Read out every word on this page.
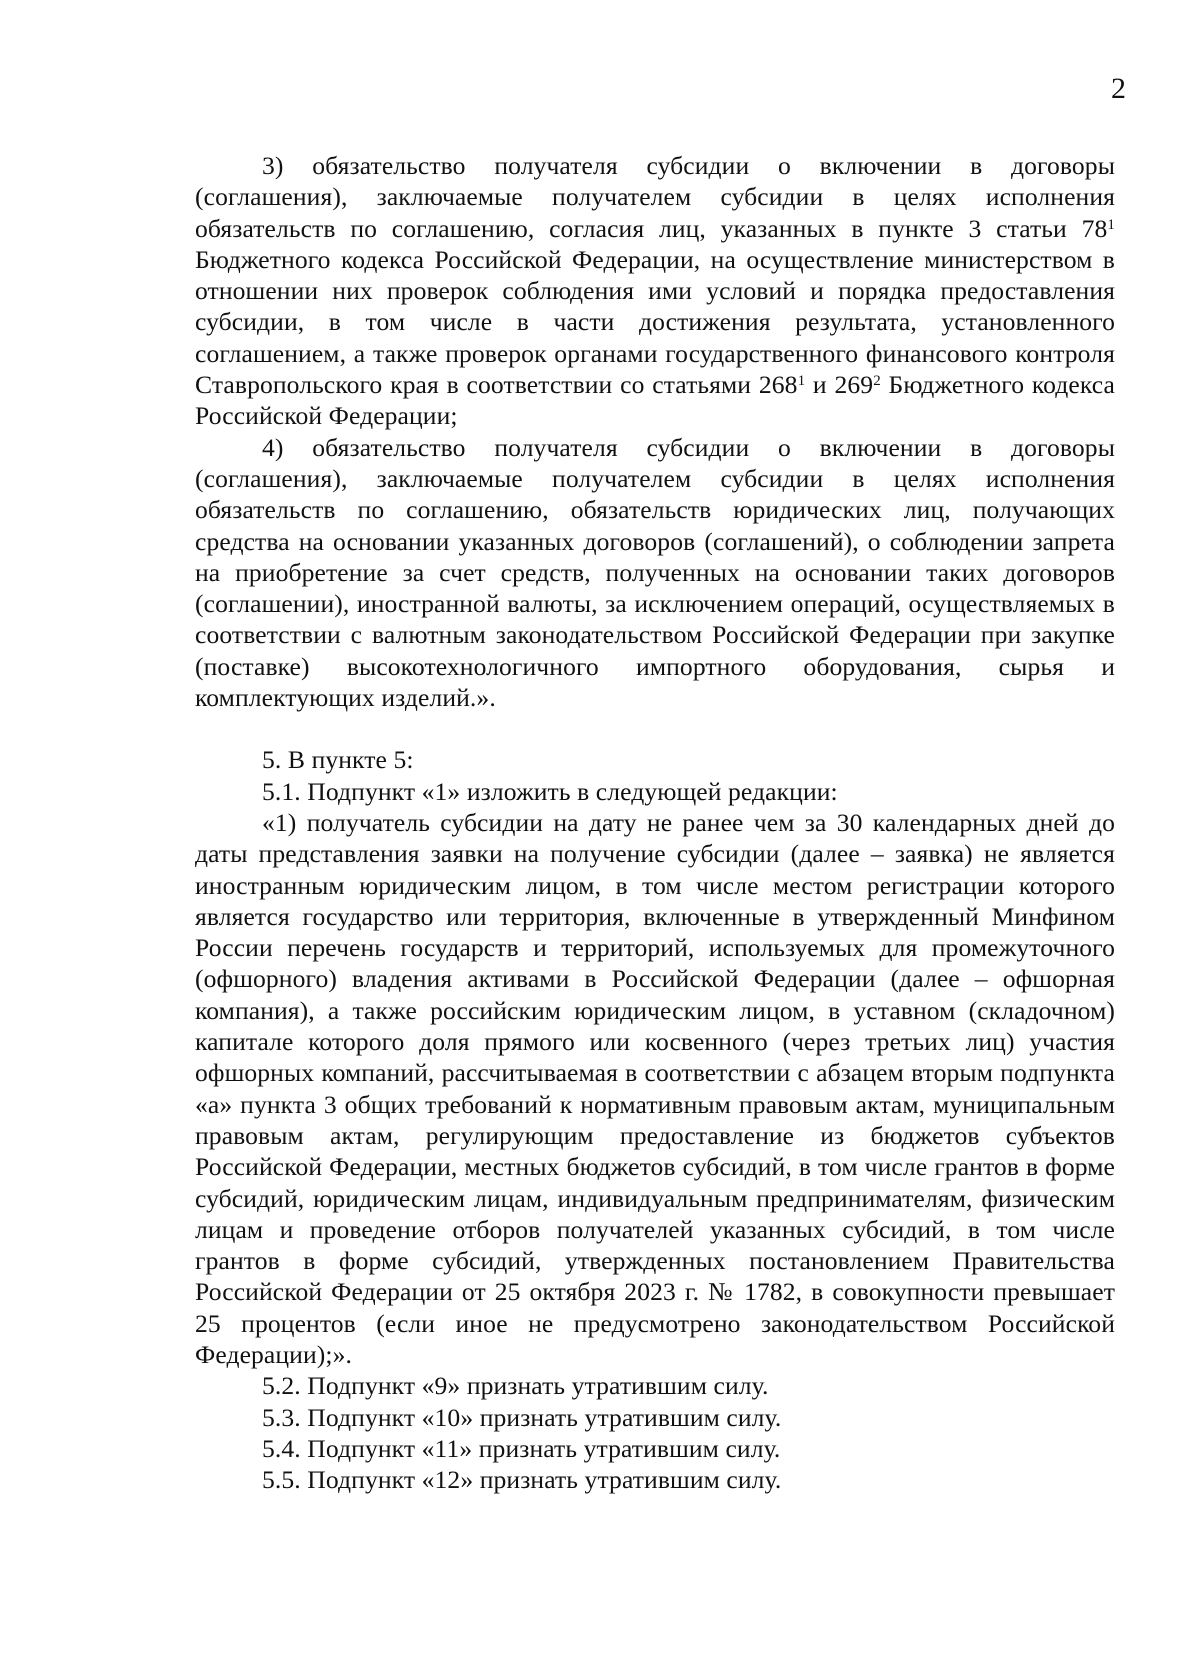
2

3) обязательство получателя субсидии о включении в договоры (соглашения), заключаемые получателем субсидии в целях исполнения обязательств по соглашению, согласия лиц, указанных в пункте 3 статьи $78^1$ Бюджетного кодекса Российской Федерации, на осуществление министерством в отношении них проверок соблюдения ими условий и порядка предоставления субсидии, в том числе в части достижения результата, установленного соглашением, а также проверок органами государственного финансового контроля Ставропольского края в соответствии со статьями $268^1$ и $269^2$ Бюджетного кодекса Российской Федерации;

4) обязательство получателя субсидии о включении в договоры (соглашения), заключаемые получателем субсидии в целях исполнения обязательств по соглашению, обязательств юридических лиц, получающих средства на основании указанных договоров (соглашений), о соблюдении запрета на приобретение за счет средств, полученных на основании таких договоров (соглашении), иностранной валюты, за исключением операций, осуществляемых в соответствии с валютным законодательством Российской Федерации при закупке (поставке) высокотехнологичного импортного оборудования, сырья и комплектующих изделий.».

5. В пункте 5:

5.1. Подпункт «1» изложить в следующей редакции:

«1) получатель субсидии на дату не ранее чем за 30 календарных дней до даты представления заявки на получение субсидии (далее – заявка) не является иностранным юридическим лицом, в том числе местом регистрации которого является государство или территория, включенные в утвержденный Минфином России перечень государств и территорий, используемых для промежуточного (офшорного) владения активами в Российской Федерации (далее – офшорная компания), а также российским юридическим лицом, в уставном (складочном) капитале которого доля прямого или косвенного (через третьих лиц) участия офшорных компаний, рассчитываемая в соответствии с абзацем вторым подпункта «а» пункта 3 общих требований к нормативным правовым актам, муниципальным правовым актам, регулирующим предоставление из бюджетов субъектов Российской Федерации, местных бюджетов субсидий, в том числе грантов в форме субсидий, юридическим лицам, индивидуальным предпринимателям, физическим лицам и проведение отборов получателей указанных субсидий, в том числе грантов в форме субсидий, утвержденных постановлением Правительства Российской Федерации от 25 октября 2023 г. № 1782, в совокупности превышает 25 процентов (если иное не предусмотрено законодательством Российской Федерации);».

5.2. Подпункт «9» признать утратившим силу.

5.3. Подпункт «10» признать утратившим силу.

5.4. Подпункт «11» признать утратившим силу.

5.5. Подпункт «12» признать утратившим силу.
